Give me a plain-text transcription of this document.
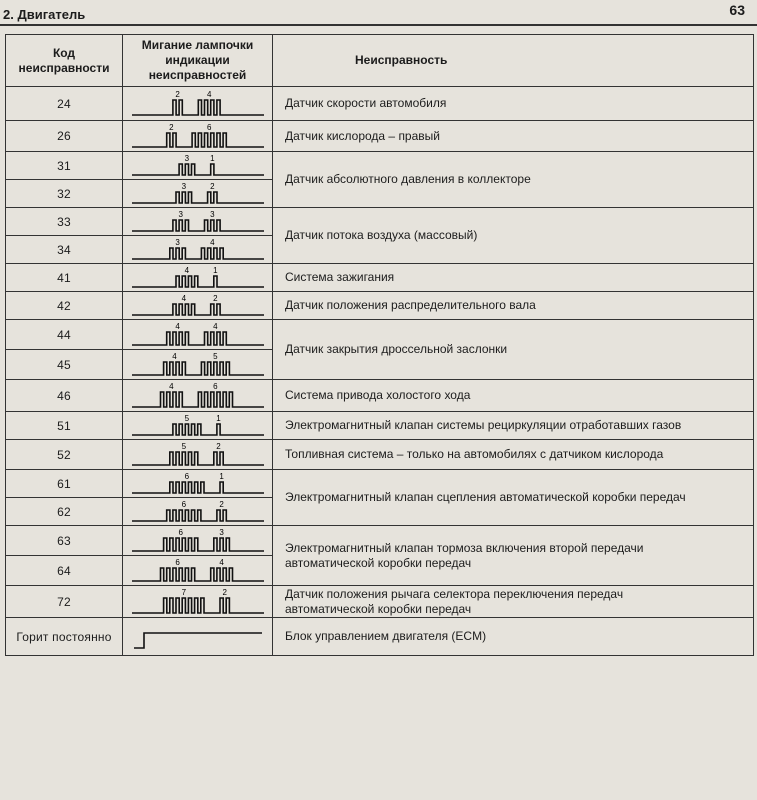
2. Двигатель	63
Код
неисправности	Мигание лампочки
индикации
неисправностей	Неисправность
24	2 4	Датчик скорости автомобиля

26	2 6	Датчик кислорода – правый

31	3 1	Датчик абсолютного давления в коллекторе

32	3 2	

33	3 3	Датчик потока воздуха (массовый)

34	3 4	

41	4 1	Система зажигания

42	4 2	Датчик положения распределительного вала

44	4 4	Датчик закрытия дроссельной заслонки

45	4 5	

46	4 6	Система привода холостого хода

51	5 1	Электромагнитный клапан системы рециркуляции отработавших газов

52	5 2	Топливная система – только на автомобилях с датчиком кислорода

61	6 1	Электромагнитный клапан сцепления автоматической коробки передач

62	6 2	

63	6 3	Электромагнитный клапан тормоза включения второй передачи
автоматической коробки передач

64	6 4	

72	7 2	Датчик положения рычага селектора переключения передач
автоматической коробки передач

Горит постоянно		Блок управлением двигателя (ECM)
